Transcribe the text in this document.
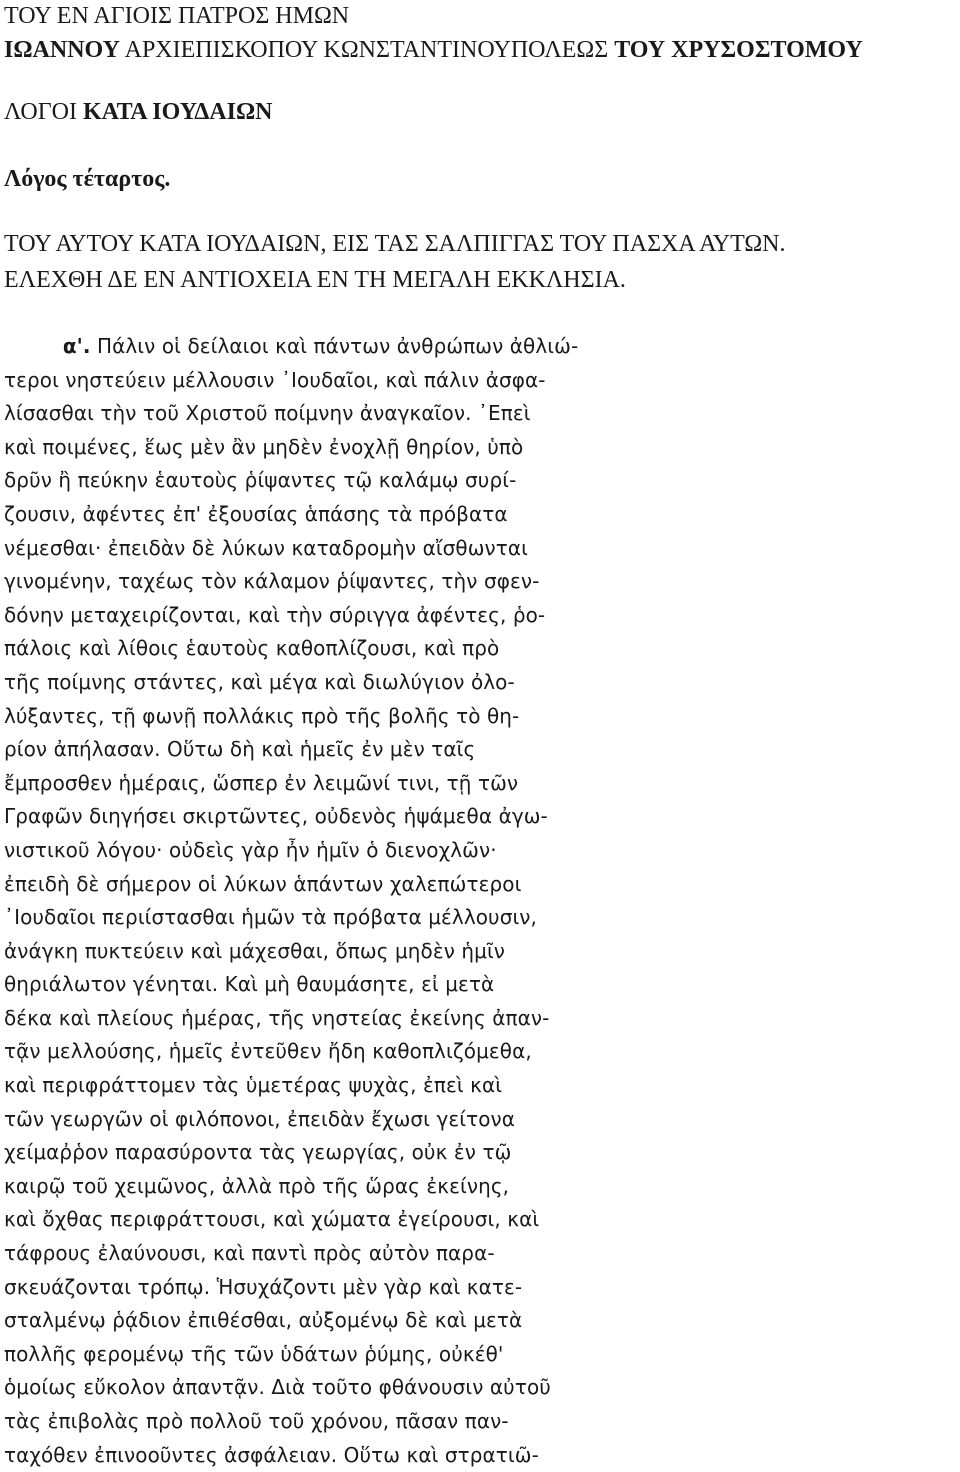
ΤΟΥ ΕΝ ΑΓΙΟΙΣ ΠΑΤΡΟΣ ΗΜΩΝ
ΙΩΑΝΝΟΥ ΑΡΧΙΕΠΙΣΚΟΠΟΥ ΚΩΝΣΤΑΝΤΙΝΟΥΠΟΛΕΩΣ ΤΟΥ ΧΡΥΣΟΣΤΟΜΟΥ
ΛΟΓΟΙ ΚΑΤΑ ΙΟΥΔΑΙΩΝ
Λόγος τέταρτος.
ΤΟΥ ΑΥΤΟΥ ΚΑΤΑ ΙΟΥΔΑΙΩΝ, ΕΙΣ ΤΑΣ ΣΑΛΠΙΓΓΑΣ ΤΟΥ ΠΑΣΧΑ ΑΥΤΩΝ.
ΕΛΕΧΘΗ ΔΕ ΕΝ ΑΝΤΙΟΧΕΙΑ ΕΝ ΤΗ ΜΕΓΑΛΗ ΕΚΚΛΗΣΙΑ.
α'. Πάλιν οἱ δείλαιοι καὶ πάντων ἀνθρώπων ἀθλιώ-
τεροι νηστεύειν μέλλουσιν ᾿Ιουδαῖοι, καὶ πάλιν ἀσφα-
λίσασθαι τὴν τοῦ Χριστοῦ ποίμνην ἀναγκαῖον. ᾿Επεὶ
καὶ ποιμένες, ἕως μὲν ἂν μηδὲν ἐνοχλῇ θηρίον, ὑπὸ
δρῦν ἢ πεύκην ἑαυτοὺς ῥίψαντες τῷ καλάμῳ συρί-
ζουσιν, ἀφέντες ἐπ' ἐξουσίας ἁπάσης τὰ πρόβατα
νέμεσθαι· ἐπειδὰν δὲ λύκων καταδρομὴν αἴσθωνται
γινομένην, ταχέως τὸν κάλαμον ῥίψαντες, τὴν σφεν-
δόνην μεταχειρίζονται, καὶ τὴν σύριγγα ἀφέντες, ῥο-
πάλοις καὶ λίθοις ἑαυτοὺς καθοπλίζουσι, καὶ πρὸ
τῆς ποίμνης στάντες, καὶ μέγα καὶ διωλύγιον ὀλο-
λύξαντες, τῇ φωνῇ πολλάκις πρὸ τῆς βολῆς τὸ θη-
ρίον ἀπήλασαν. Οὕτω δὴ καὶ ἡμεῖς ἐν μὲν ταῖς
ἔμπροσθεν ἡμέραις, ὥσπερ ἐν λειμῶνί τινι, τῇ τῶν
Γραφῶν διηγήσει σκιρτῶντες, οὐδενὸς ἡψάμεθα ἀγω-
νιστικοῦ λόγου· οὐδεὶς γὰρ ἦν ἡμῖν ὁ διενοχλῶν·
ἐπειδὴ δὲ σήμερον οἱ λύκων ἁπάντων χαλεπώτεροι
᾿Ιουδαῖοι περιίστασθαι ἡμῶν τὰ πρόβατα μέλλουσιν,
ἀνάγκη πυκτεύειν καὶ μάχεσθαι, ὅπως μηδὲν ἡμῖν
θηριάλωτον γένηται. Καὶ μὴ θαυμάσητε, εἰ μετὰ
δέκα καὶ πλείους ἡμέρας, τῆς νηστείας ἐκείνης ἀπαν-
τᾷν μελλούσης, ἡμεῖς ἐντεῦθεν ἤδη καθοπλιζόμεθα,
καὶ περιφράττομεν τὰς ὑμετέρας ψυχὰς, ἐπεὶ καὶ
τῶν γεωργῶν οἱ φιλόπονοι, ἐπειδὰν ἔχωσι γείτονα
χείμαῤῥον παρασύροντα τὰς γεωργίας, οὐκ ἐν τῷ
καιρῷ τοῦ χειμῶνος, ἀλλὰ πρὸ τῆς ὥρας ἐκείνης,
καὶ ὄχθας περιφράττουσι, καὶ χώματα ἐγείρουσι, καὶ
τάφρους ἐλαύνουσι, καὶ παντὶ πρὸς αὐτὸν παρα-
σκευάζονται τρόπῳ. Ἡσυχάζοντι μὲν γὰρ καὶ κατε-
σταλμένῳ ῥᾴδιον ἐπιθέσθαι, αὐξομένῳ δὲ καὶ μετὰ
πολλῆς φερομένῳ τῆς τῶν ὑδάτων ῥύμης, οὐκέθ'
ὁμοίως εὔκολον ἀπαντᾷν. Διὰ τοῦτο φθάνουσιν αὐτοῦ
τὰς ἐπιβολὰς πρὸ πολλοῦ τοῦ χρόνου, πᾶσαν παν-
ταχόθεν ἐπινοοῦντες ἀσφάλειαν. Οὕτω καὶ στρατιῶ-
